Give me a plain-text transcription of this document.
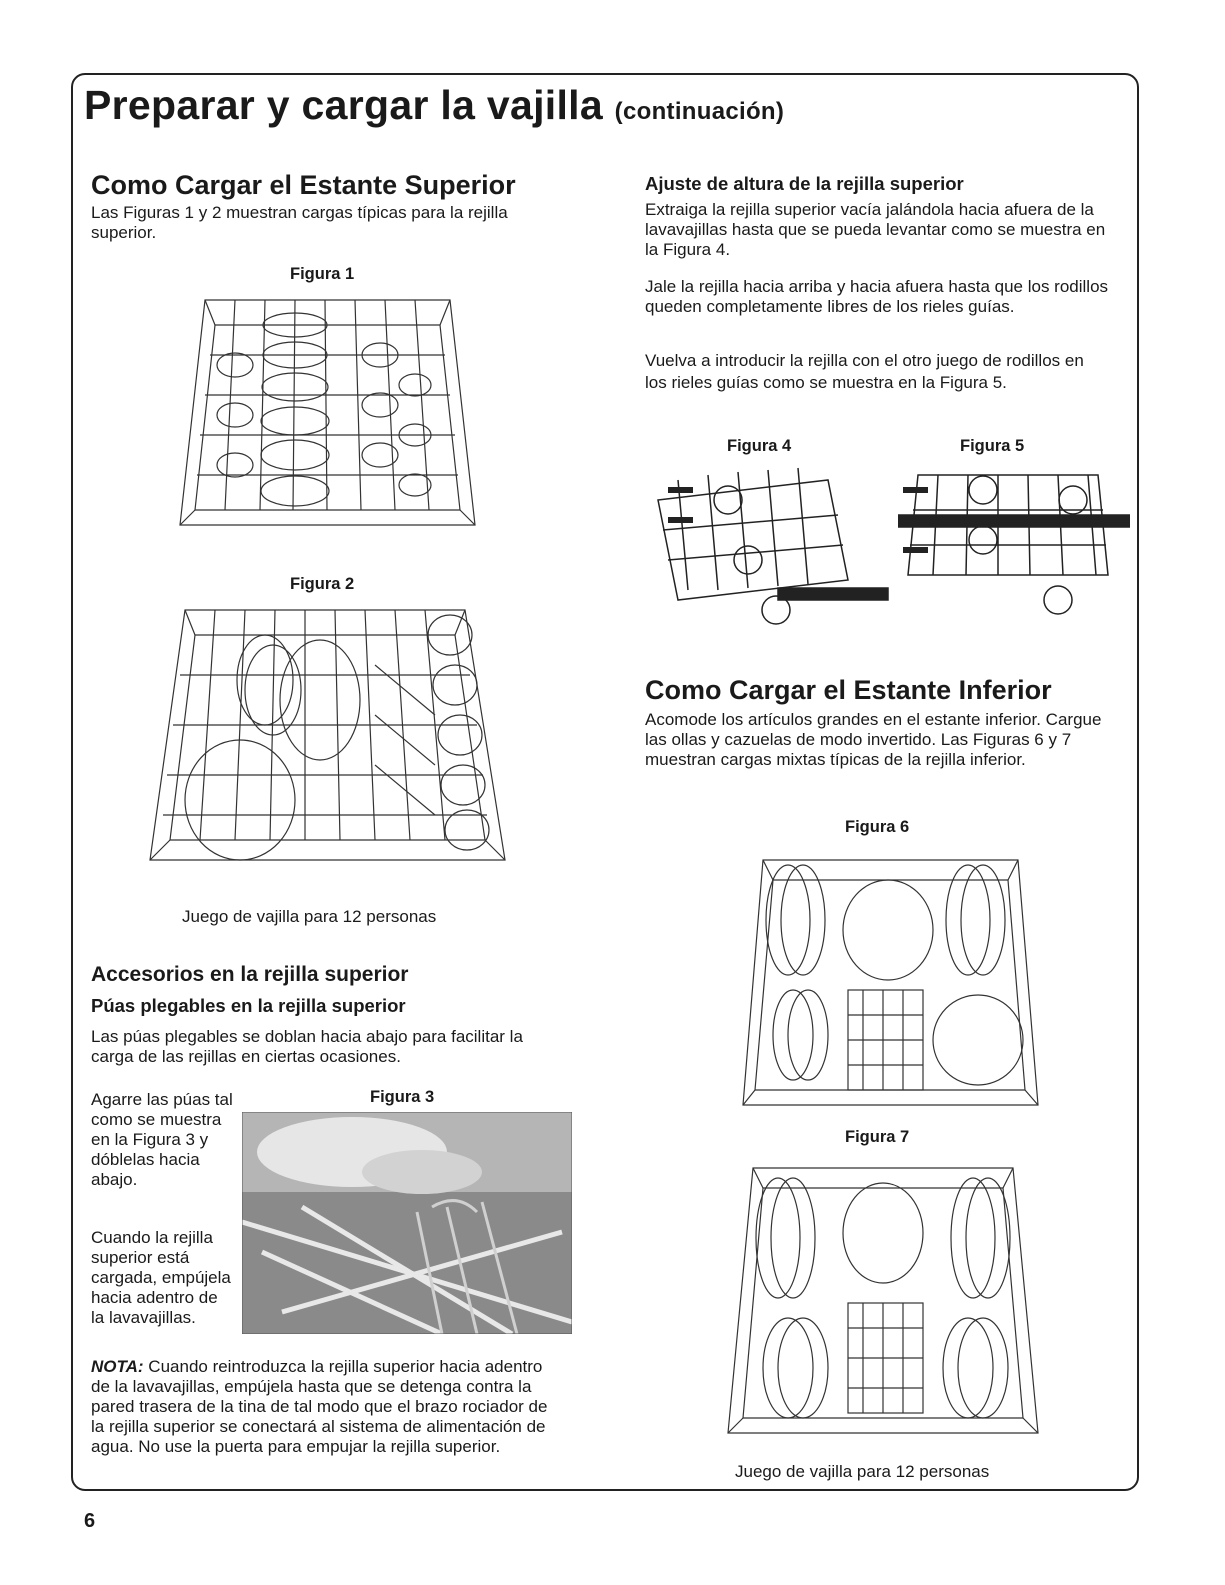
Preparar y cargar la vajilla (continuación)
Como Cargar el Estante Superior

Las Figuras 1 y 2 muestran cargas típicas para la rejilla superior.

Figura 1
Figura 2

Juego de vajilla para 12 personas

Accesorios en la rejilla superior
Púas plegables en la rejilla superior

Las púas plegables se doblan hacia abajo para facilitar la carga de las rejillas en ciertas ocasiones.

Agarre las púas tal como se muestra en la Figura 3 y dóblelas hacia abajo.

Cuando la rejilla superior está cargada, empújela hacia adentro de la lavavajillas.

Figura 3

NOTA: Cuando reintroduzca la rejilla superior hacia adentro de la lavavajillas, empújela hasta que se detenga contra la pared trasera de la tina de tal modo que el brazo rociador de la rejilla superior se conectará al sistema de alimentación de agua. No use la puerta para empujar la rejilla superior.

Ajuste de altura de la rejilla superior

Extraiga la rejilla superior vacía jalándola hacia afuera de la lavavajillas hasta que se pueda levantar como se muestra en la Figura 4.

Jale la rejilla hacia arriba y hacia afuera hasta que los rodillos queden completamente libres de los rieles guías.

Vuelva a introducir la rejilla con el otro juego de rodillos en los rieles guías como se muestra en la Figura 5.

Figura 4	Figura 5
Como Cargar el Estante Inferior

Acomode los artículos grandes en el estante inferior. Cargue las ollas y cazuelas de modo invertido. Las Figuras 6 y 7 muestran cargas mixtas típicas de la rejilla inferior.

Figura 6
Figura 7

Juego de vajilla para 12 personas

6
